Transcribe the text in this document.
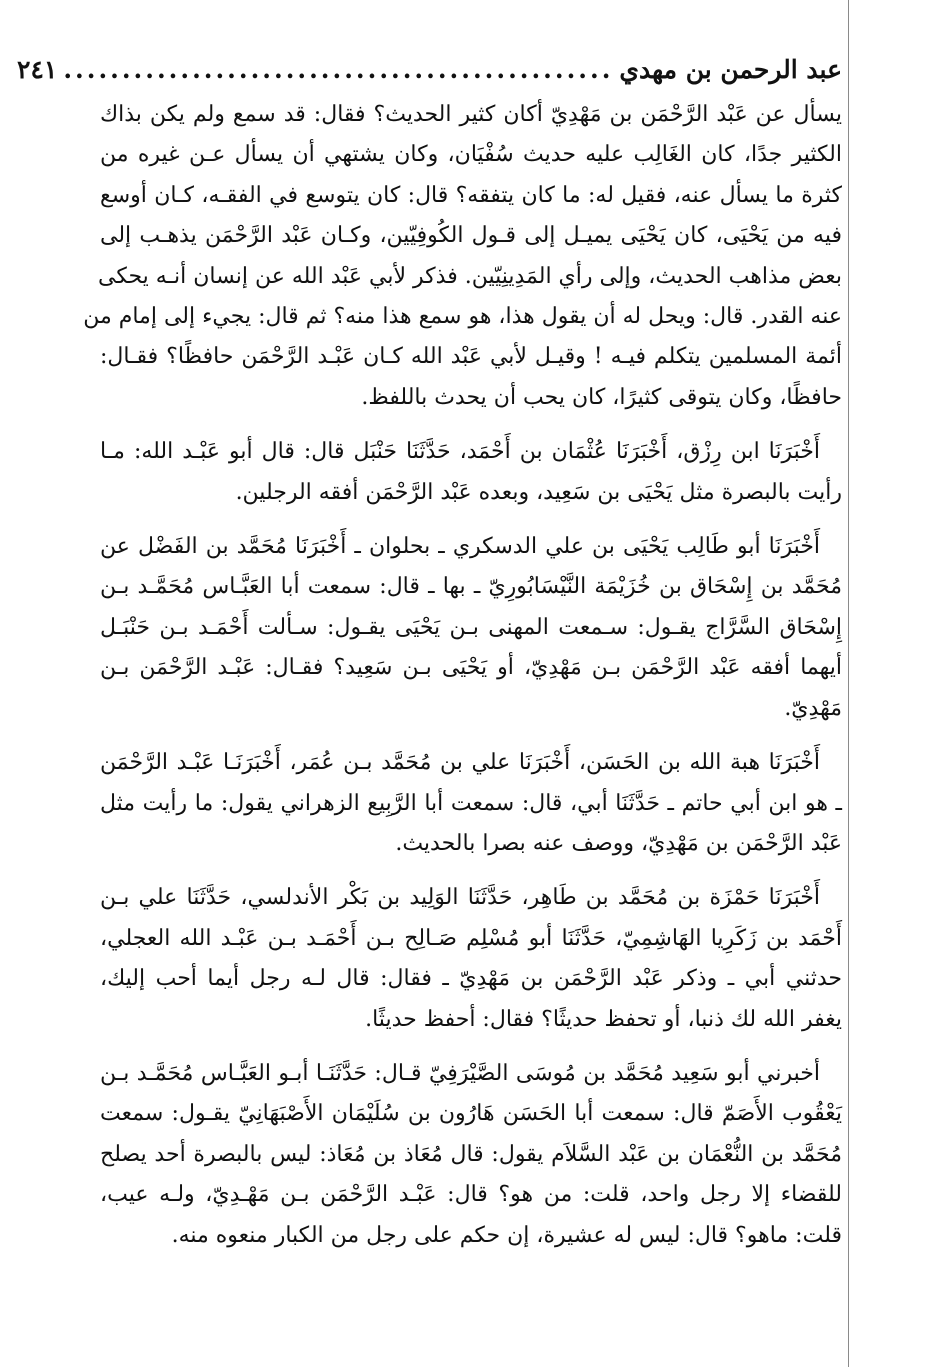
عبد الرحمن بن مهدي
...............................................
٢٤١

يسأل عن عَبْد الرَّحْمَن بن مَهْدِيّ أكان كثير الحديث؟ فقال: قد سمع ولم يكن بذاك
الكثير جدًا، كان الغَالِب عليه حديث سُفْيَان، وكان يشتهي أن يسأل عـن غيره من
كثرة ما يسأل عنه، فقيل له: ما كان يتفقه؟ قال: كان يتوسع في الفقـه، كـان أوسع
فيه من يَحْيَى، كان يَحْيَى يميـل إلى قـول الكُوفِيّين، وكـان عَبْد الرَّحْمَن يذهـب إلى
بعض مذاهب الحديث، وإلى رأي المَدِينِيّين. فذكر لأبي عَبْد الله عن إنسان أنـه يحكى
عنه القدر. قال: ويحل له أن يقول هذا، هو سمع هذا منه؟ ثم قال: يجيء إلى إمام من
أئمة المسلمين يتكلم فيـه ! وقيـل لأبي عَبْد الله كـان عَبْـد الرَّحْمَن حافظًا؟ فقـال:
حافظًا، وكان يتوقى كثيرًا، كان يحب أن يحدث باللفظ.

أَخْبَرَنَا ابن رِزْق، أَخْبَرَنَا عُثْمَان بن أَحْمَد، حَدَّثَنَا حَنْبَل قال: قال أبو عَبْـد الله: مـا
رأيت بالبصرة مثل يَحْيَى بن سَعِيد، وبعده عَبْد الرَّحْمَن أفقه الرجلين.

أَخْبَرَنَا أبو طَالِب يَحْيَى بن علي الدسكري ـ بحلوان ـ أَخْبَرَنَا مُحَمَّد بن الفَضْل عن
مُحَمَّد بن إِسْحَاق بن خُزَيْمَة النَّيْسَابُورِيّ ـ بها ـ قال: سمعت أبا العَبَّـاس مُحَمَّـد بـن
إِسْحَاق السَّرَّاج يقـول: سـمعت المهنى بـن يَحْيَى يقـول: سـألت أَحْمَـد بـن حَنْبَـل
أيهما أفقه عَبْد الرَّحْمَن بـن مَهْدِيّ، أو يَحْيَى بـن سَعِيد؟ فقـال: عَبْـد الرَّحْمَن بـن
مَهْدِيّ.

أَخْبَرَنَا هبة الله بن الحَسَن، أَخْبَرَنَا علي بن مُحَمَّد بـن عُمَر، أَخْبَرَنَـا عَبْـد الرَّحْمَن
ـ هو ابن أبي حاتم ـ حَدَّثَنَا أبي، قال: سمعت أبا الرَّبِيع الزهراني يقول: ما رأيت مثل
عَبْد الرَّحْمَن بن مَهْدِيّ، ووصف عنه بصرا بالحديث.

أَخْبَرَنَا حَمْزَة بن مُحَمَّد بن طَاهِر، حَدَّثَنَا الوَلِيد بن بَكْر الأندلسي، حَدَّثَنَا علي بـن
أَحْمَد بن زَكَرِيا الهَاشِمِيّ، حَدَّثَنَا أبو مُسْلِم صَـالِح بـن أَحْمَـد بـن عَبْـد الله العجلي،
حدثني أبي ـ وذكر عَبْد الرَّحْمَن بن مَهْدِيّ ـ فقال: قال لـه رجل أيما أحب إليك،
يغفر الله لك ذنبا، أو تحفظ حديثًا؟ فقال: أحفظ حديثًا.

أخبرني أبو سَعِيد مُحَمَّد بن مُوسَى الصَّيْرَفِيّ قـال: حَدَّثَنَـا أبـو العَبَّـاس مُحَمَّـد بـن
يَعْقُوب الأَصَمّ قال: سمعت أبا الحَسَن هَارُون بن سُلَيْمَان الأَصْبَهَانِيّ يقـول: سمعت
مُحَمَّد بن النُّعْمَان بن عَبْد السَّلاَم يقول: قال مُعَاذ بن مُعَاذ: ليس بالبصرة أحد يصلح
للقضاء إلا رجل واحد، قلت: من هو؟ قال: عَبْـد الرَّحْمَن بـن مَهْـدِيّ، ولـه عيب،
قلت: ماهو؟ قال: ليس له عشيرة، إن حكم على رجل من الكبار منعوه منه.
